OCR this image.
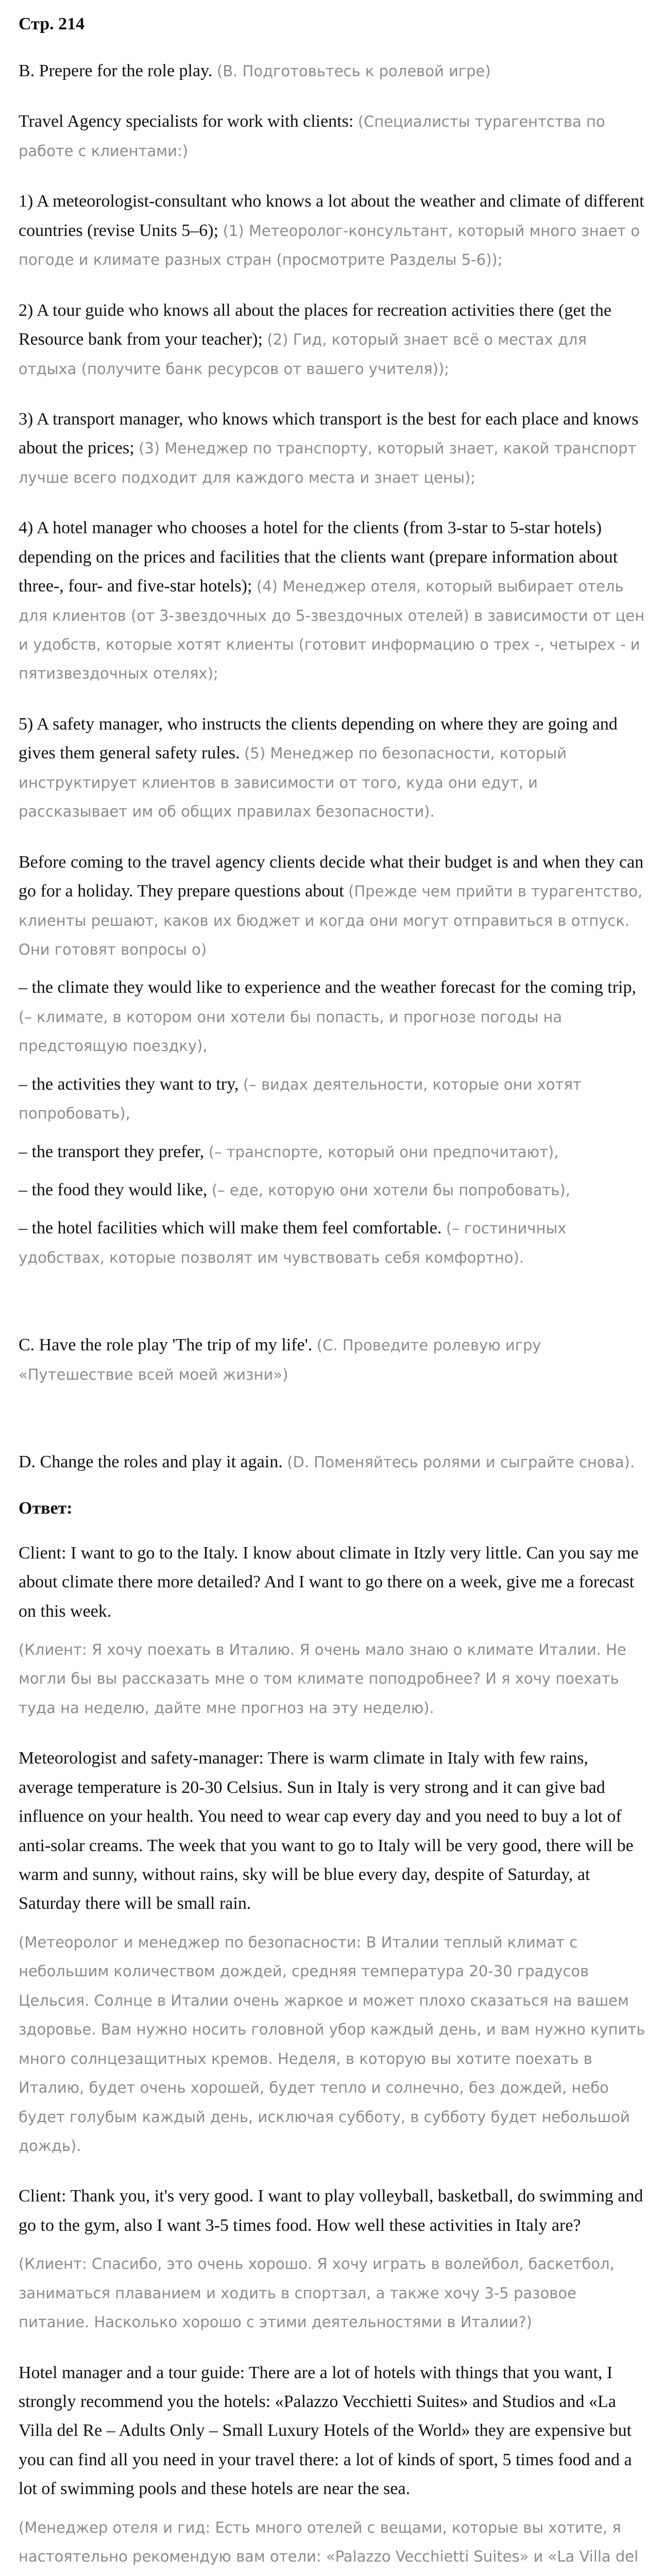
Стр. 214

B. Prepere for the role play. (В. Подготовьтесь к ролевой игре)

Travel Agency specialists for work with clients: (Специалисты турагентства по работе с клиентами:)

1) A meteorologist-consultant who knows a lot about the weather and climate of different countries (revise Units 5–6); (1) Метеоролог-консультант, который много знает о погоде и климате разных стран (просмотрите Разделы 5-6));

2) A tour guide who knows all about the places for recreation activities there (get the Resource bank from your teacher); (2) Гид, который знает всё о местах для отдыха (получите банк ресурсов от вашего учителя));

3) A transport manager, who knows which transport is the best for each place and knows about the prices; (3) Менеджер по транспорту, который знает, какой транспорт лучше всего подходит для каждого места и знает цены);

4) A hotel manager who chooses a hotel for the clients (from 3-star to 5-star hotels) depending on the prices and facilities that the clients want (prepare information about three-, four- and five-star hotels); (4) Менеджер отеля, который выбирает отель для клиентов (от 3-звездочных до 5-звездочных отелей) в зависимости от цен и удобств, которые хотят клиенты (готовит информацию о трех -, четырех - и пятизвездочных отелях);

5) A safety manager, who instructs the clients depending on where they are going and gives them general safety rules. (5) Менеджер по безопасности, который инструктирует клиентов в зависимости от того, куда они едут, и рассказывает им об общих правилах безопасности).

Before coming to the travel agency clients decide what their budget is and when they can go for a holiday. They prepare questions about (Прежде чем прийти в турагентство, клиенты решают, каков их бюджет и когда они могут отправиться в отпуск. Они готовят вопросы о)

– the climate they would like to experience and the weather forecast for the coming trip, (– климате, в котором они хотели бы попасть, и прогнозе погоды на предстоящую поездку),

– the activities they want to try, (– видах деятельности, которые они хотят попробовать),

– the transport they prefer, (– транспорте, который они предпочитают),

– the food they would like, (– еде, которую они хотели бы попробовать),

– the hotel facilities which will make them feel comfortable. (– гостиничных удобствах, которые позволят им чувствовать себя комфортно).

C. Have the role play 'The trip of my life'. (С. Проведите ролевую игру «Путешествие всей моей жизни»)

D. Change the roles and play it again. (D. Поменяйтесь ролями и сыграйте снова).

Ответ:

Client: I want to go to the Italy. I know about climate in Itzly very little. Can you say me about climate there more detailed? And I want to go there on a week, give me a forecast on this week.

(Клиент: Я хочу поехать в Италию. Я очень мало знаю о климате Италии. Не могли бы вы рассказать мне о том климате поподробнее? И я хочу поехать туда на неделю, дайте мне прогноз на эту неделю).

Meteorologist and safety-manager: There is warm climate in Italy with few rains, average temperature is 20-30 Celsius. Sun in Italy is very strong and it can give bad influence on your health. You need to wear cap every day and you need to buy a lot of anti-solar creams. The week that you want to go to Italy will be very good, there will be warm and sunny, without rains, sky will be blue every day, despite of Saturday, at Saturday there will be small rain.

(Метеоролог и менеджер по безопасности: В Италии теплый климат с небольшим количеством дождей, средняя температура 20-30 градусов Цельсия. Солнце в Италии очень жаркое и может плохо сказаться на вашем здоровье. Вам нужно носить головной убор каждый день, и вам нужно купить много солнцезащитных кремов. Неделя, в которую вы хотите поехать в Италию, будет очень хорошей, будет тепло и солнечно, без дождей, небо будет голубым каждый день, исключая субботу, в субботу будет небольшой дождь).

Client: Thank you, it's very good. I want to play volleyball, basketball, do swimming and go to the gym, also I want 3-5 times food. How well these activities in Italy are?

(Клиент: Спасибо, это очень хорошо. Я хочу играть в волейбол, баскетбол, заниматься плаванием и ходить в спортзал, а также хочу 3-5 разовое питание. Насколько хорошо с этими деятельностями в Италии?)

Hotel manager and a tour guide: There are a lot of hotels with things that you want, I strongly recommend you the hotels: «Palazzo Vecchietti Suites» and Studios and «La Villa del Re – Adults Only – Small Luxury Hotels of the World» they are expensive but you can find all you need in your travel there: a lot of kinds of sport, 5 times food and a lot of swimming pools and these hotels are near the sea.

(Менеджер отеля и гид: Есть много отелей с вещами, которые вы хотите, я настоятельно рекомендую вам отели: «Palazzo Vecchietti Suites» и «La Villa del
